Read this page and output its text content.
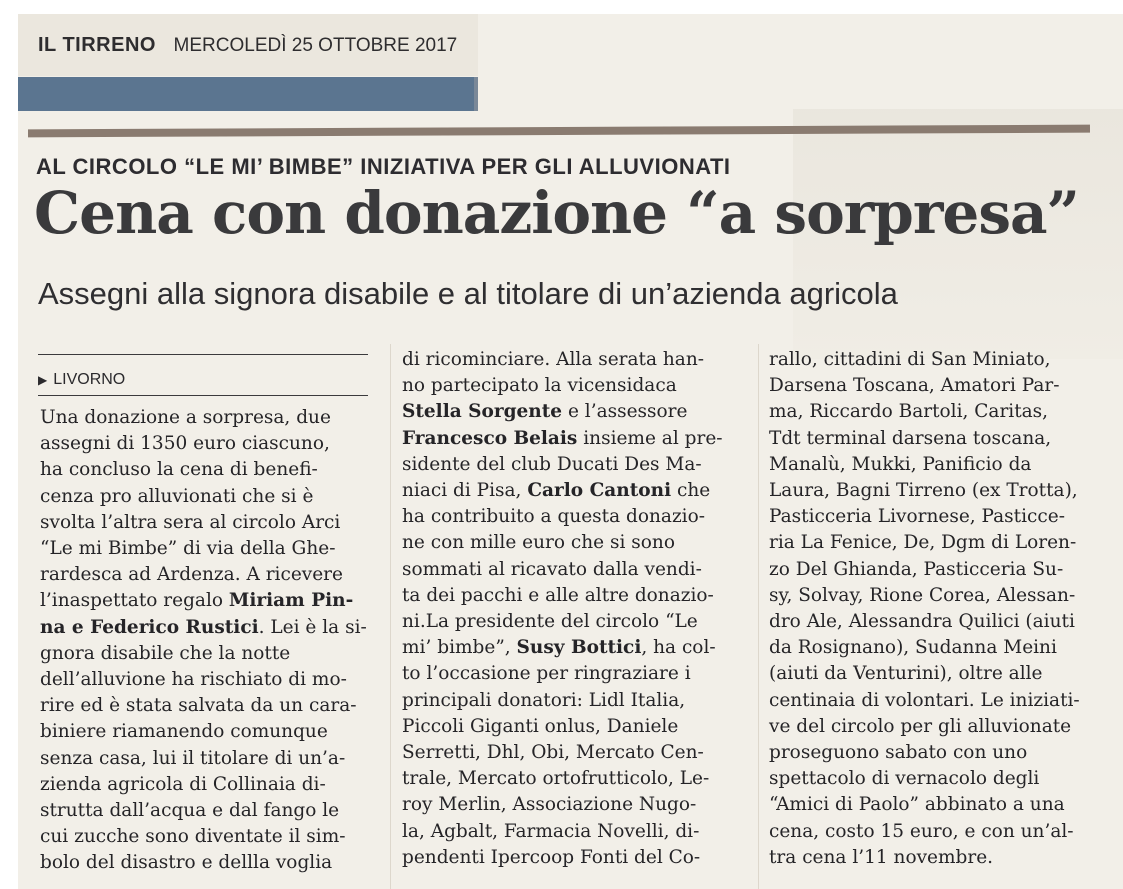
IL TIRRENO MERCOLEDÌ 25 OTTOBRE 2017
AL CIRCOLO “LE MI’ BIMBE” INIZIATIVA PER GLI ALLUVIONATI
Cena con donazione “a sorpresa”
Assegni alla signora disabile e al titolare di un’azienda agricola
▶ LIVORNO
Una donazione a sorpresa, due
assegni di 1350 euro ciascuno,
ha concluso la cena di benefi-
cenza pro alluvionati che si è
svolta l’altra sera al circolo Arci
“Le mi Bimbe” di via della Ghe-
rardesca ad Ardenza. A ricevere
l’inaspettato regalo Miriam Pin-
na e Federico Rustici. Lei è la si-
gnora disabile che la notte
dell’alluvione ha rischiato di mo-
rire ed è stata salvata da un cara-
biniere riamanendo comunque
senza casa, lui il titolare di un’a-
zienda agricola di Collinaia di-
strutta dall’acqua e dal fango le
cui zucche sono diventate il sim-
bolo del disastro e dellla voglia
di ricominciare. Alla serata han-
no partecipato la vicensidaca
Stella Sorgente e l’assessore
Francesco Belais insieme al pre-
sidente del club Ducati Des Ma-
niaci di Pisa, Carlo Cantoni che
ha contribuito a questa donazio-
ne con mille euro che si sono
sommati al ricavato dalla vendi-
ta dei pacchi e alle altre donazio-
ni.La presidente del circolo “Le
mi’ bimbe”, Susy Bottici, ha col-
to l’occasione per ringraziare i
principali donatori: Lidl Italia,
Piccoli Giganti onlus, Daniele
Serretti, Dhl, Obi, Mercato Cen-
trale, Mercato ortofrutticolo, Le-
roy Merlin, Associazione Nugo-
la, Agbalt, Farmacia Novelli, di-
pendenti Ipercoop Fonti del Co-
rallo, cittadini di San Miniato,
Darsena Toscana, Amatori Par-
ma, Riccardo Bartoli, Caritas,
Tdt terminal darsena toscana,
Manalù, Mukki, Panificio da
Laura, Bagni Tirreno (ex Trotta),
Pasticceria Livornese, Pasticce-
ria La Fenice, De, Dgm di Loren-
zo Del Ghianda, Pasticceria Su-
sy, Solvay, Rione Corea, Alessan-
dro Ale, Alessandra Quilici (aiuti
da Rosignano), Sudanna Meini
(aiuti da Venturini), oltre alle
centinaia di volontari. Le iniziati-
ve del circolo per gli alluvionate
proseguono sabato con uno
spettacolo di vernacolo degli
“Amici di Paolo” abbinato a una
cena, costo 15 euro, e con un’al-
tra cena l’11 novembre.
